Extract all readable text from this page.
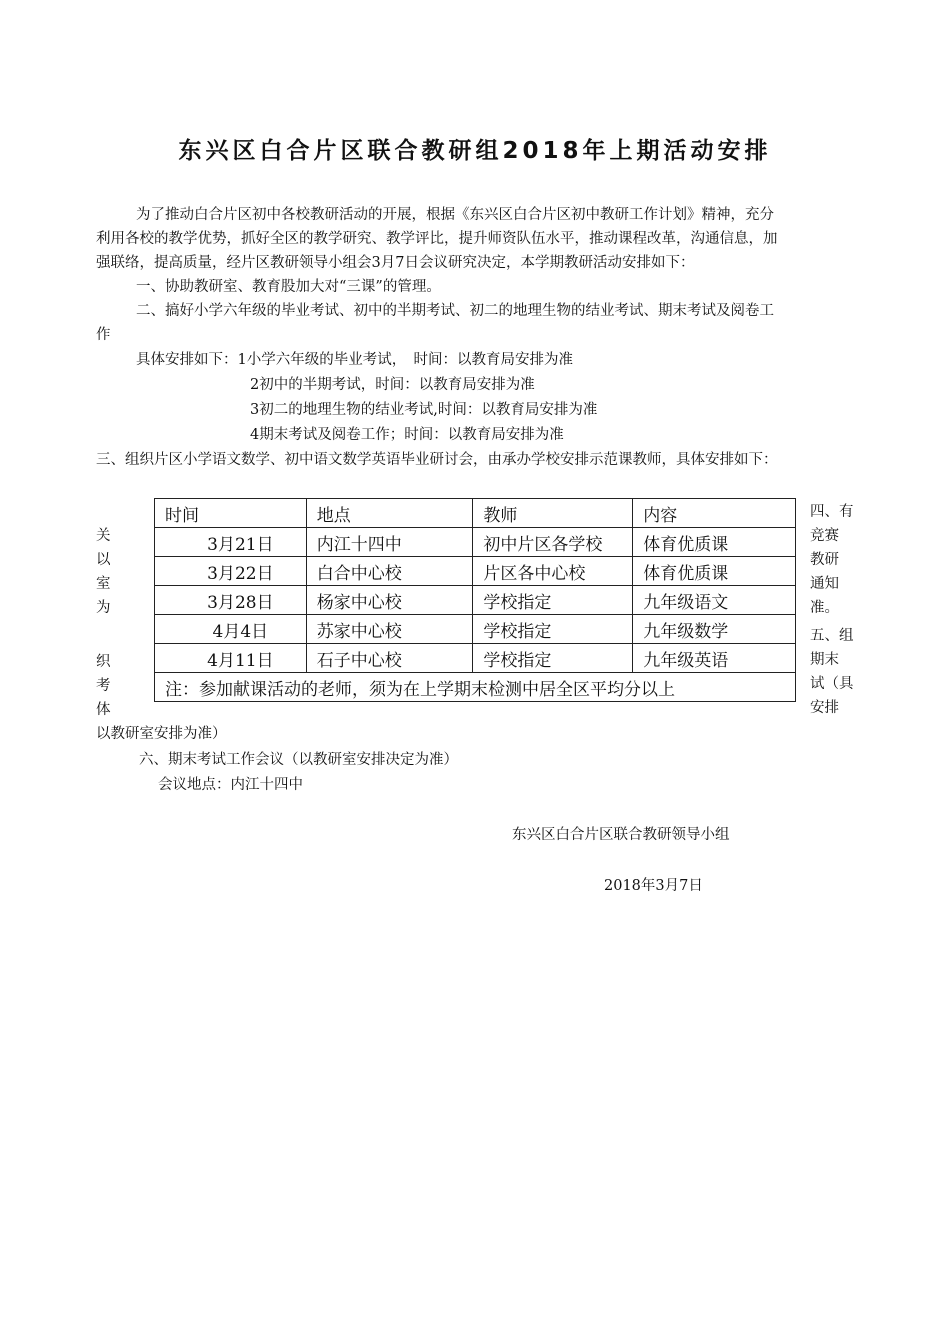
东兴区白合片区联合教研组2018年上期活动安排
为了推动白合片区初中各校教研活动的开展，根据《东兴区白合片区初中教研工作计划》精神，充分
利用各校的教学优势，抓好全区的教学研究、教学评比，提升师资队伍水平，推动课程改革，沟通信息，加
强联络，提高质量，经片区教研领导小组会3月7日会议研究决定，本学期教研活动安排如下：
一、协助教研室、教育股加大对“三课”的管理。
二、搞好小学六年级的毕业考试、初中的半期考试、初二的地理生物的结业考试、期末考试及阅卷工
作
具体安排如下：1小学六年级的毕业考试，　时间：以教育局安排为准
2初中的半期考试，时间：以教育局安排为准
3初二的地理生物的结业考试,时间：以教育局安排为准
4期末考试及阅卷工作；时间：以教育局安排为准
三、组织片区小学语文数学、初中语文数学英语毕业研讨会，由承办学校安排示范课教师，具体安排如下：
关
以
室
为
织
考
体
四、有
竞赛
教研
通知
准。
五、组
期末
试（具
安排
时间	地点	教师	内容
3月21日	内江十四中	初中片区各学校	体育优质课
3月22日	白合中心校	片区各中心校	体育优质课
3月28日	杨家中心校	学校指定	九年级语文
4月4日	苏家中心校	学校指定	九年级数学
4月11日	石子中心校	学校指定	九年级英语
注：参加献课活动的老师，须为在上学期末检测中居全区平均分以上			
以教研室安排为准）
六、期末考试工作会议（以教研室安排决定为准）
会议地点：内江十四中
东兴区白合片区联合教研领导小组
2018年3月7日
